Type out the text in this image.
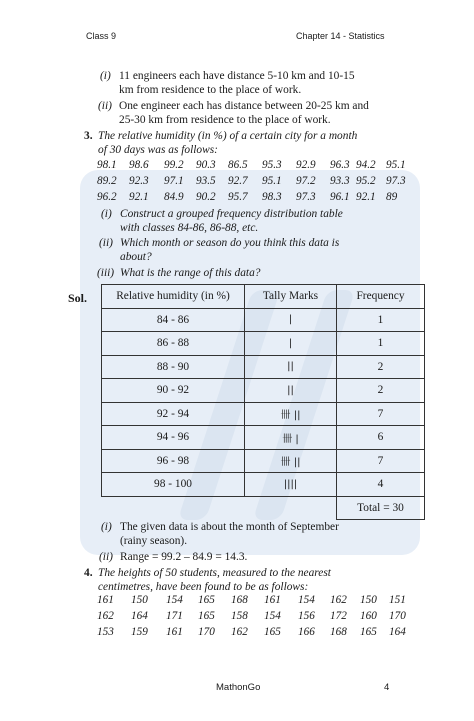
Class 9	Chapter 14 - Statistics
(i) 11 engineers each have distance 5-10 km and 10-15
km from residence to the place of work.
(ii) One engineer each has distance between 20-25 km and
25-30 km from residence to the place of work.
3. The relative humidity (in %) of a certain city for a month
of 30 days was as follows:
98.1	98.6	99.2	90.3	86.5	95.3	92.9	96.3 94.2 95.1
89.2	92.3	97.1	93.5	92.7	95.1	97.2	93.3 95.2 97.3
96.2	92.1	84.9	90.2	95.7	98.3	97.3	96.1 92.1 89
(i) Construct a grouped frequency distribution table
with classes 84-86, 86-88, etc.
(ii) Which month or season do you think this data is
about?
(iii) What is the range of this data?
Sol.	Relative humidity (in %)	Tally Marks	Frequency
84 - 86	|	1
86 - 88	|	1
88 - 90	||	2
90 - 92	||	2
92 - 94	卌 ||	7
94 - 96	卌 |	6
96 - 98	卌 ||	7
98 - 100	||||	4
		Total = 30
(i) The given data is about the month of September
(rainy season).
(ii) Range = 99.2 – 84.9 = 14.3.
4. The heights of 50 students, measured to the nearest
centimetres, have been found to be as follows:
161	150	154	165	168	161	154	162	150	151
162	164	171	165	158	154	156	172	160	170
153	159	161	170	162	165	166	168	165	164
MathonGo	4
